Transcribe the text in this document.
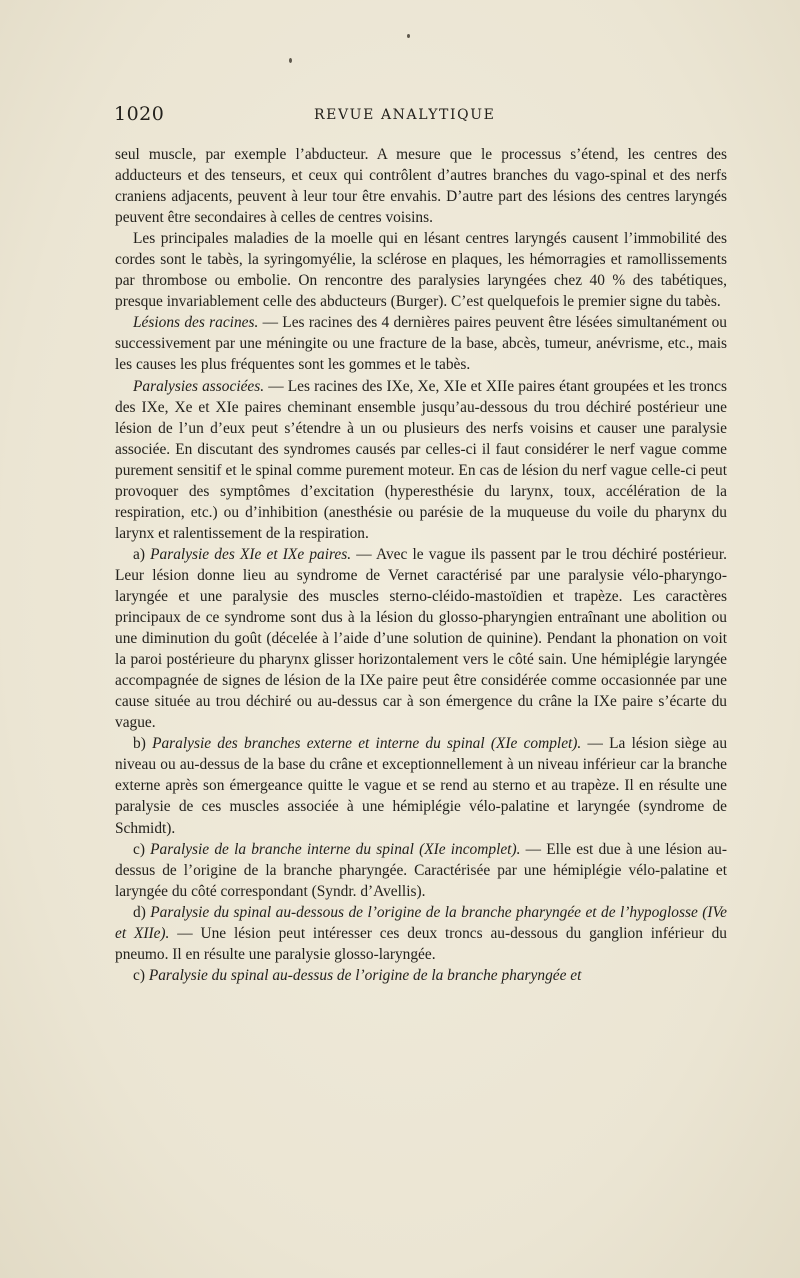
1020	REVUE ANALYTIQUE

seul muscle, par exemple l’abducteur. A mesure que le processus s’étend, les centres des adducteurs et des tenseurs, et ceux qui contrôlent d’autres branches du vago-spinal et des nerfs craniens adjacents, peuvent à leur tour être envahis. D’autre part des lésions des centres laryngés peuvent être secondaires à celles de centres voisins.

Les principales maladies de la moelle qui en lésant centres laryngés causent l’immobilité des cordes sont le tabès, la syringomyélie, la sclérose en plaques, les hémorragies et ramollissements par thrombose ou embolie. On rencontre des paralysies laryngées chez 40 % des tabétiques, presque invariablement celle des abducteurs (Burger). C’est quelquefois le premier signe du tabès.

Lésions des racines. — Les racines des 4 dernières paires peuvent être lésées simultanément ou successivement par une méningite ou une fracture de la base, abcès, tumeur, anévrisme, etc., mais les causes les plus fréquentes sont les gommes et le tabès.

Paralysies associées. — Les racines des IXe, Xe, XIe et XIIe paires étant groupées et les troncs des IXe, Xe et XIe paires cheminant ensemble jusqu’au-dessous du trou déchiré postérieur une lésion de l’un d’eux peut s’étendre à un ou plusieurs des nerfs voisins et causer une paralysie associée. En discutant des syndromes causés par celles-ci il faut considérer le nerf vague comme purement sensitif et le spinal comme purement moteur. En cas de lésion du nerf vague celle-ci peut provoquer des symptômes d’excitation (hyperesthésie du larynx, toux, accélération de la respiration, etc.) ou d’inhibition (anesthésie ou parésie de la muqueuse du voile du pharynx du larynx et ralentissement de la respiration.

a) Paralysie des XIe et IXe paires. — Avec le vague ils passent par le trou déchiré postérieur. Leur lésion donne lieu au syndrome de Vernet caractérisé par une paralysie vélo-pharyngo-laryngée et une paralysie des muscles sterno-cléido-mastoïdien et trapèze. Les caractères principaux de ce syndrome sont dus à la lésion du glosso-pharyngien entraînant une abolition ou une diminution du goût (décelée à l’aide d’une solution de quinine). Pendant la phonation on voit la paroi postérieure du pharynx glisser horizontalement vers le côté sain. Une hémiplégie laryngée accompagnée de signes de lésion de la IXe paire peut être considérée comme occasionnée par une cause située au trou déchiré ou au-dessus car à son émergence du crâne la IXe paire s’écarte du vague.

b) Paralysie des branches externe et interne du spinal (XIe complet). — La lésion siège au niveau ou au-dessus de la base du crâne et exceptionnellement à un niveau inférieur car la branche externe après son émergeance quitte le vague et se rend au sterno et au trapèze. Il en résulte une paralysie de ces muscles associée à une hémiplégie vélo-palatine et laryngée (syndrome de Schmidt).

c) Paralysie de la branche interne du spinal (XIe incomplet). — Elle est due à une lésion au-dessus de l’origine de la branche pharyngée. Caractérisée par une hémiplégie vélo-palatine et laryngée du côté correspondant (Syndr. d’Avellis).

d) Paralysie du spinal au-dessous de l’origine de la branche pharyngée et de l’hypoglosse (IVe et XIIe). — Une lésion peut intéresser ces deux troncs au-dessous du ganglion inférieur du pneumo. Il en résulte une paralysie glosso-laryngée.

c) Paralysie du spinal au-dessus de l’origine de la branche pharyngée et
